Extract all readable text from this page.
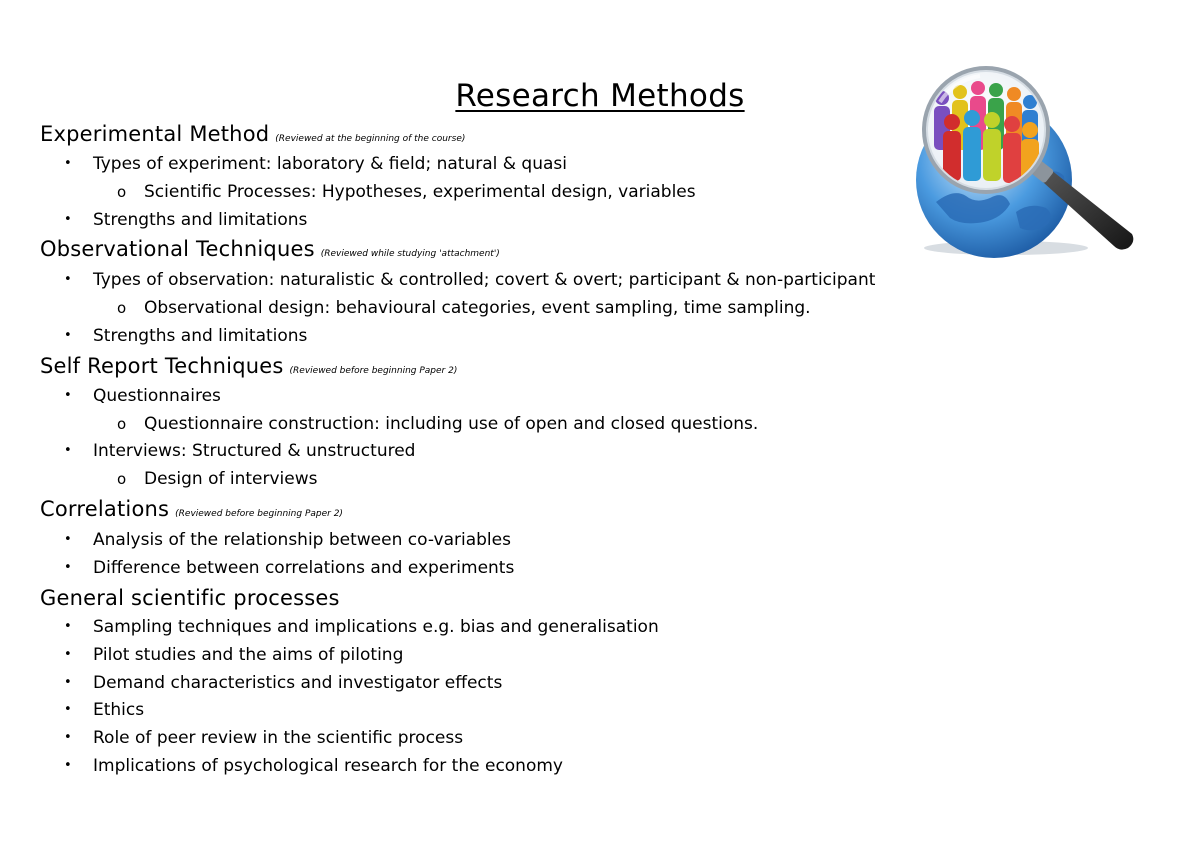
Research Methods
Experimental Method (Reviewed at the beginning of the course)
• Types of experiment: laboratory & field; natural & quasi
o Scientific Processes: Hypotheses, experimental design, variables
• Strengths and limitations
Observational Techniques (Reviewed while studying 'attachment')
• Types of observation: naturalistic & controlled; covert & overt; participant & non-participant
o Observational design: behavioural categories, event sampling, time sampling.
• Strengths and limitations
Self Report Techniques (Reviewed before beginning Paper 2)
• Questionnaires
o Questionnaire construction: including use of open and closed questions.
• Interviews: Structured & unstructured
o Design of interviews
Correlations (Reviewed before beginning Paper 2)
• Analysis of the relationship between co-variables
• Difference between correlations and experiments
General scientific processes
• Sampling techniques and implications e.g. bias and generalisation
• Pilot studies and the aims of piloting
• Demand characteristics and investigator effects
• Ethics
• Role of peer review in the scientific process
• Implications of psychological research for the economy
